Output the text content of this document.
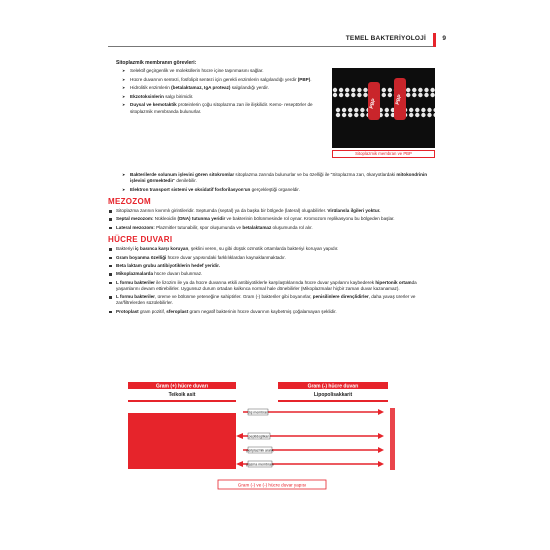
TEMEL BAKTERİYOLOJİ	9
Sitoplazmik membranın görevleri:
➤ Selektif geçirgenlik ve moleküllerin hücre içine taşınmasını sağlar.
➤ Hücre duvarının sentezi, fosfolipit sentezi için gerekli enzimlerin salgılandığı yerdir (PBP).
➤ Hidrolitik enzimlerin (betalaktamaz, IgA proteaz) salgılandığı yerdir.
➤ Ekzotoksinlerin salgı birimidir.
➤ Duysal ve kemotaktik proteinlerin çoğu sitoplazma zarı ile ilişkilidir. Kemo- reseptörler de sitoplazmik membranda bulunurlar.
PBP	PBP
Sitoplazmik membran ve PBP
➤ Bakterilerde solunum işlevini gören sitokromlar sitoplazma zarında bulunurlar ve bu özelliği ile "Sitoplazma zarı, ökaryotlardaki mitokondrinin işlevini görmektedir" denilebilir.
➤ Elektron transport sistemi ve oksidatif fosforilasyon'un gerçekleştiği organeldir.
MEZOZOM
Sitoplazma zarının kıvrımlı girintileridir. Septumda (septal) ya da başka bir bölgede (lateral) olugabilirler. Virülansla ilgileri yoktur.
Septal mezozom: Nükleoidin (DNA) tutunma yeridir ve bakterinin bölünmesinde rol oynar. Kromozom replikasyonu bu bölgeden başlar.
Lateral mezozom: Plazmitler tutunabilir, spor oluşumunda ve betalaktamaz oluşumunda rol alır.
HÜCRE DUVARI
Bakteriyi iç basınca karşı koruyan, şeklini veren, su gibi düşük ozmotik ortamlarda bakteriyi koruyan yapıdır.
Gram boyanma özelliği hücre duvar yapısındaki farklılıklardan kaynaklanmaktadır.
Beta laktam grubu antibiyotiklerin hedef yeridir.
Mikoplazmalarda hücre duvarı bulunmaz.
L formu bakteriler ile lizozim ile ya da hücre duvarına etkili antibiyotiklerle karşılaştıklarında hücre duvar yapılarını kaybederek hipertonik ortamda yaşamlarını devam ettirebilirler. Uygunsuz durum ortadan kalkınca normal hale dönebilirler (Mikoplazmalar hiçbir zaman duvar kazanamaz).
L formu bakteriler, üreme ve bölünme yeteneğine sahiptirler. Gram (-) bakteriler gibi boyanırlar, penisilinlere dirençlidirler, daha yavaş ürerler ve zar/filtrelerden süzülebilirler.
Protoplast gram pozitif, sferoplast gram negatif bakterinin hücre duvarının kaybetmiş çoğalamayan şeklidir.
Gram (+) hücre duvarı	Gram (-) hücre duvarı
Teikoik asit	Lipopolisakkarit
dış membran
peptidoglikan
periplazmik aralık
plazma membranı
Gram (-) ve (-) hücre duvar yapısı
